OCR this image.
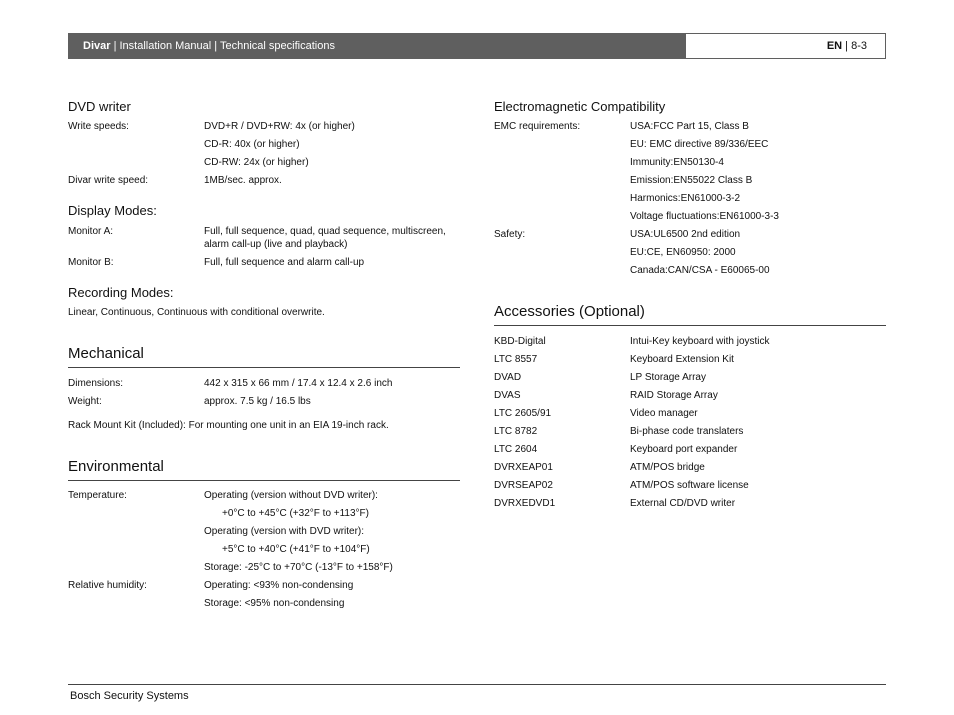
Divar | Installation Manual | Technical specifications	EN | 8-3
DVD writer
Write speeds:	DVD+R / DVD+RW: 4x (or higher)
CD-R: 40x (or higher)
CD-RW: 24x (or higher)
Divar write speed:	1MB/sec. approx.
Display Modes:
Monitor A:	Full, full sequence, quad, quad sequence, multiscreen,
alarm call-up (live and playback)
Monitor B:	Full, full sequence and alarm call-up
Recording Modes:
Linear, Continuous, Continuous with conditional overwrite.
Mechanical
Dimensions:	442 x 315 x 66 mm / 17.4 x 12.4 x 2.6 inch
Weight:	approx. 7.5 kg / 16.5 lbs
Rack Mount Kit (Included): For mounting one unit in an EIA 19-inch rack.
Environmental
Temperature:	Operating (version without DVD writer):
+0°C to +45°C (+32°F to +113°F)
Operating (version with DVD writer):
+5°C to +40°C (+41°F to +104°F)
Storage: -25°C to +70°C (-13°F to +158°F)
Relative humidity:	Operating: <93% non-condensing
Storage: <95% non-condensing
Electromagnetic Compatibility
EMC requirements:	USA:FCC Part 15, Class B
EU: EMC directive 89/336/EEC
Immunity:EN50130-4
Emission:EN55022 Class B
Harmonics:EN61000-3-2
Voltage fluctuations:EN61000-3-3
Safety:	USA:UL6500 2nd edition
EU:CE, EN60950: 2000
Canada:CAN/CSA - E60065-00
Accessories (Optional)
KBD-Digital	Intui-Key keyboard with joystick
LTC 8557	Keyboard Extension Kit
DVAD	LP Storage Array
DVAS	RAID Storage Array
LTC 2605/91	Video manager
LTC 8782	Bi-phase code translaters
LTC 2604	Keyboard port expander
DVRXEAP01	ATM/POS bridge
DVRSEAP02	ATM/POS software license
DVRXEDVD1	External CD/DVD writer
Bosch Security Systems
